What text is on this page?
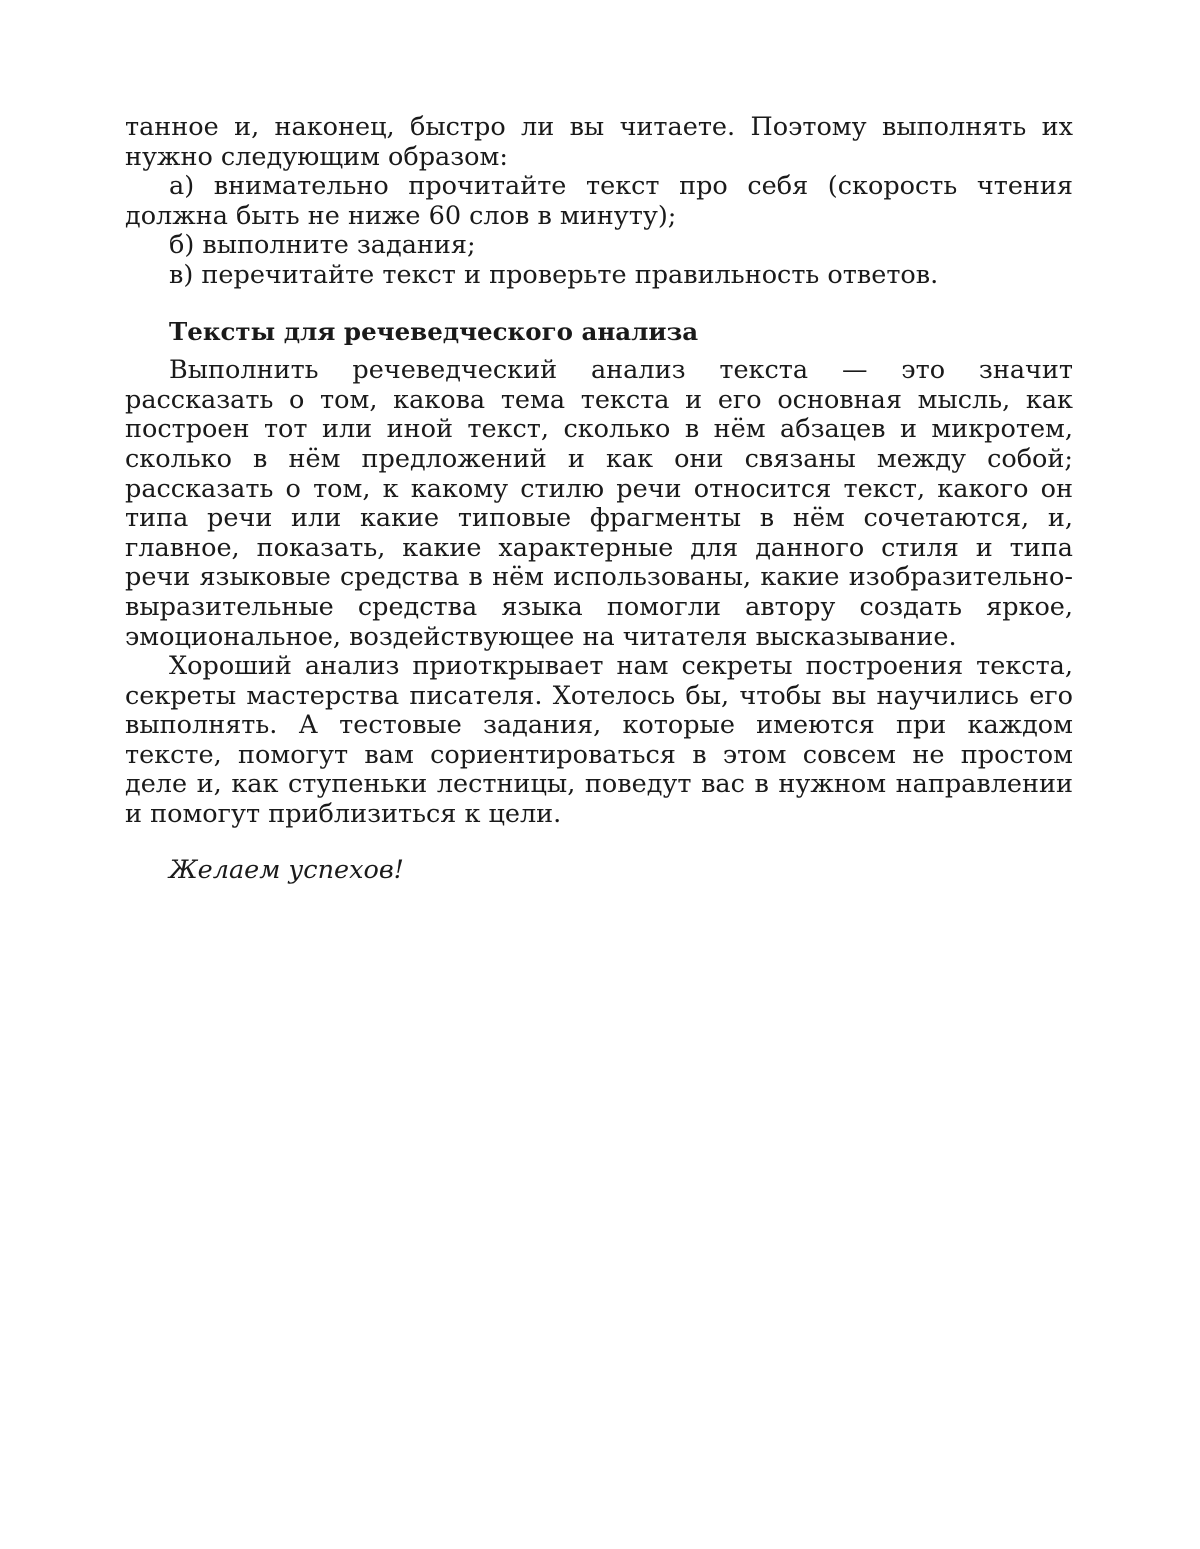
танное и, наконец, быстро ли вы читаете. Поэтому выполнять их нужно следующим образом:

а) внимательно прочитайте текст про себя (скорость чтения должна быть не ниже 60 слов в минуту);

б) выполните задания;

в) перечитайте текст и проверьте правильность ответов.

Тексты для речеведческого анализа

Выполнить речеведческий анализ текста — это значит рассказать о том, какова тема текста и его основная мысль, как построен тот или иной текст, сколько в нём абзацев и микротем, сколько в нём предложений и как они связаны между собой; рассказать о том, к какому стилю речи относится текст, какого он типа речи или какие типовые фрагменты в нём сочетаются, и, главное, показать, какие характерные для данного стиля и типа речи языковые средства в нём использованы, какие изобразительно-выразительные средства языка помогли автору создать яркое, эмоциональное, воздействующее на читателя высказывание.

Хороший анализ приоткрывает нам секреты построения текста, секреты мастерства писателя. Хотелось бы, чтобы вы научились его выполнять. А тестовые задания, которые имеются при каждом тексте, помогут вам сориентироваться в этом совсем не простом деле и, как ступеньки лестницы, поведут вас в нужном направлении и помогут приблизиться к цели.

Желаем успехов!
